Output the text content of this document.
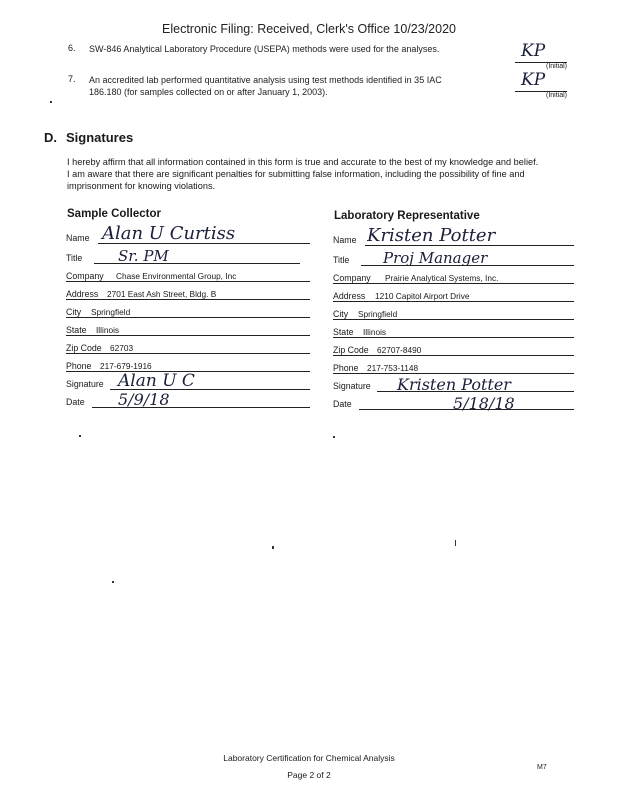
Electronic Filing: Received, Clerk's Office 10/23/2020
6. SW-846 Analytical Laboratory Procedure (USEPA) methods were used for the analyses.	KP
(Initial)
7. An accredited lab performed quantitative analysis using test methods identified in 35 IAC
186.180 (for samples collected on or after January 1, 2003).
KP
(Initial)
D. Signatures
I hereby affirm that all information contained in this form is true and accurate to the best of my knowledge and belief.
I am aware that there are significant penalties for submitting false information, including the possibility of fine and
imprisonment for knowing violations.
Sample Collector
Name Alan U Curtiss
Title Sr. PM
Company Chase Environmental Group, Inc
Address 2701 East Ash Street, Bldg. B
City Springfield
State Illinois
Zip Code 62703
Phone 217-679-1916
Signature Alan U C
Date 5/9/18
Laboratory Representative
Name Kristen Potter
Title Proj Manager
Company Prairie Analytical Systems, Inc.
Address 1210 Capitol Airport Drive
City Springfield
State Illinois
Zip Code 62707-8490
Phone 217-753-1148
Signature Kristen Potter
Date	5/18/18
Laboratory Certification for Chemical Analysis
Page 2 of 2
M7
